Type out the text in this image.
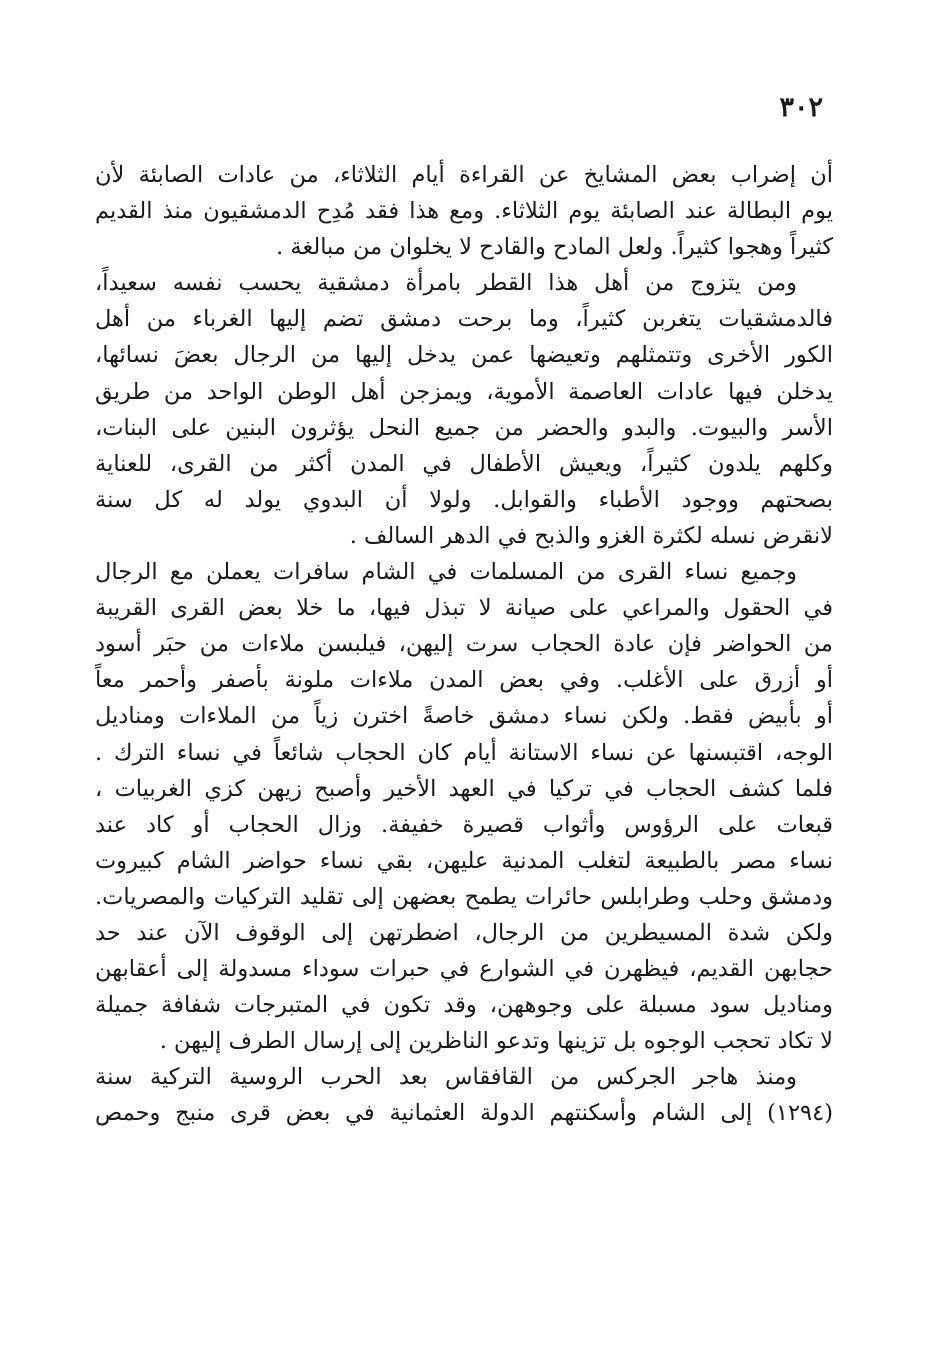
٣٠٢
أن إضراب بعض المشايخ عن القراءة أيام الثلاثاء، من عادات الصابئة لأن
يوم البطالة عند الصابئة يوم الثلاثاء. ومع هذا فقد مُدِح الدمشقيون منذ القديم
كثيراً وهجوا كثيراً. ولعل المادح والقادح لا يخلوان من مبالغة .
ومن يتزوج من أهل هذا القطر بامرأة دمشقية يحسب نفسه سعيداً،
فالدمشقيات يتغربن كثيراً، وما برحت دمشق تضم إليها الغرباء من أهل
الكور الأخرى وتتمثلهم وتعيضها عمن يدخل إليها من الرجال بعضَ نسائها،
يدخلن فيها عادات العاصمة الأموية، ويمزجن أهل الوطن الواحد من طريق
الأسر والبيوت. والبدو والحضر من جميع النحل يؤثرون البنين على البنات،
وكلهم يلدون كثيراً، ويعيش الأطفال في المدن أكثر من القرى، للعناية
بصحتهم ووجود الأطباء والقوابل. ولولا أن البدوي يولد له كل سنة
لانقرض نسله لكثرة الغزو والذبح في الدهر السالف .
وجميع نساء القرى من المسلمات في الشام سافرات يعملن مع الرجال
في الحقول والمراعي على صيانة لا تبذل فيها، ما خلا بعض القرى القريبة
من الحواضر فإن عادة الحجاب سرت إليهن، فيلبسن ملاءات من حبَر أسود
أو أزرق على الأغلب. وفي بعض المدن ملاءات ملونة بأصفر وأحمر معاً
أو بأبيض فقط. ولكن نساء دمشق خاصةً اخترن زياً من الملاءات ومناديل
الوجه، اقتبسنها عن نساء الاستانة أيام كان الحجاب شائعاً في نساء الترك .
فلما كشف الحجاب في تركيا في العهد الأخير وأصبح زيهن كزي الغربيات ،
قبعات على الرؤوس وأثواب قصيرة خفيفة. وزال الحجاب أو كاد عند
نساء مصر بالطبيعة لتغلب المدنية عليهن، بقي نساء حواضر الشام كبيروت
ودمشق وحلب وطرابلس حائرات يطمح بعضهن إلى تقليد التركيات والمصريات.
ولكن شدة المسيطرين من الرجال، اضطرتهن إلى الوقوف الآن عند حد
حجابهن القديم، فيظهرن في الشوارع في حبرات سوداء مسدولة إلى أعقابهن
ومناديل سود مسبلة على وجوههن، وقد تكون في المتبرجات شفافة جميلة
لا تكاد تحجب الوجوه بل تزينها وتدعو الناظرين إلى إرسال الطرف إليهن .
ومنذ هاجر الجركس من القافقاس بعد الحرب الروسية التركية سنة
(١٢٩٤) إلى الشام وأسكنتهم الدولة العثمانية في بعض قرى منبج وحمص
